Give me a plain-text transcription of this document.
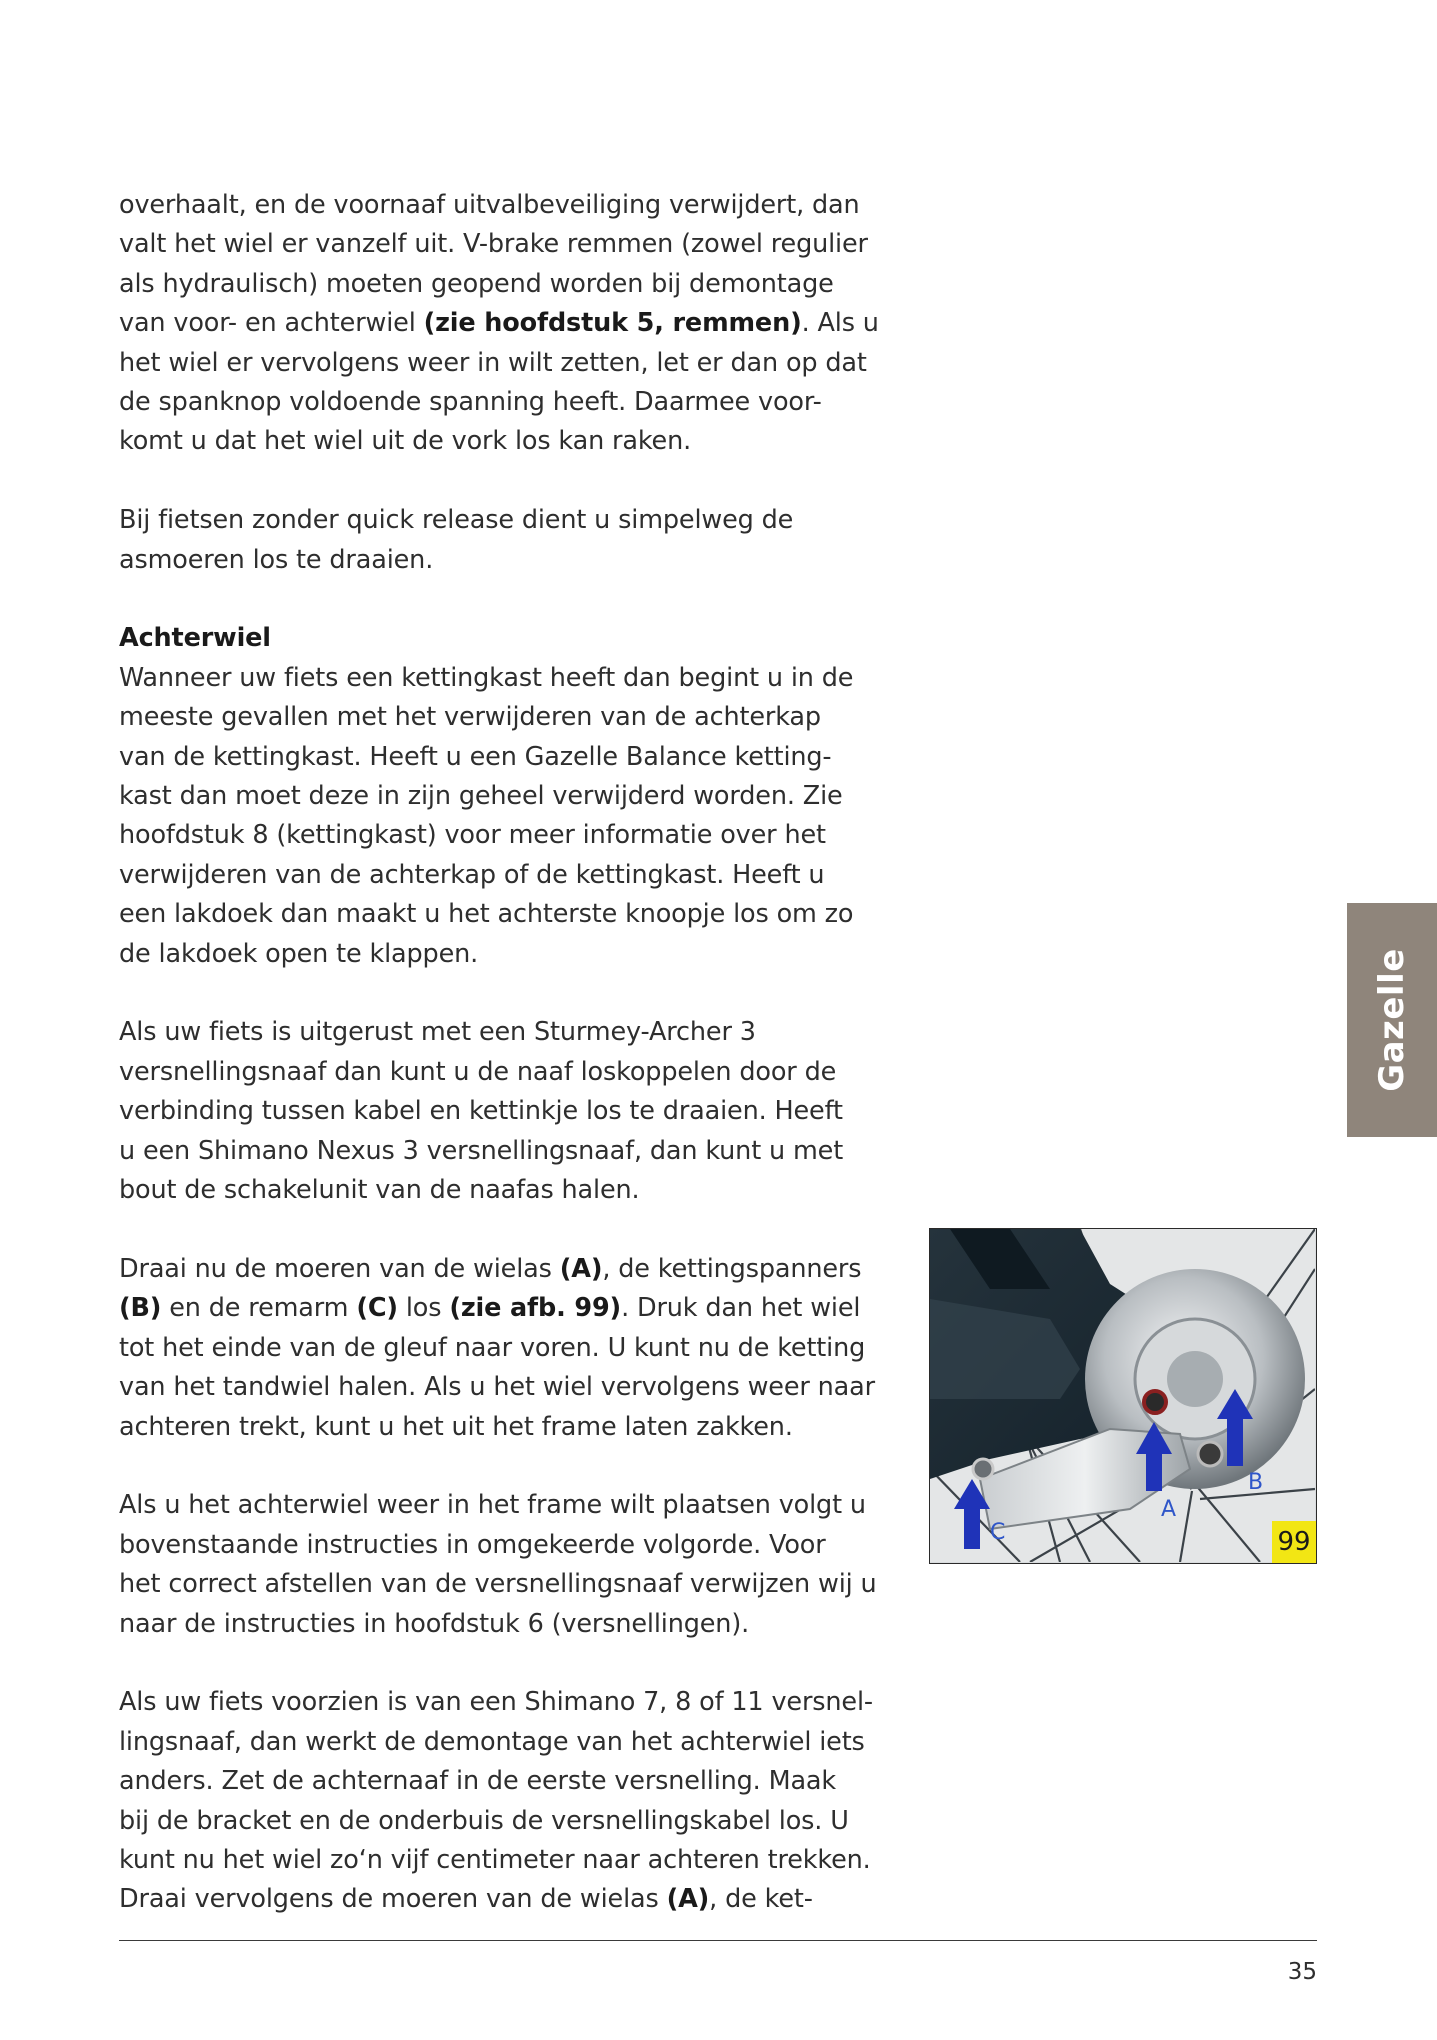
overhaalt, en de voornaaf uitvalbeveiliging verwijdert, dan
valt het wiel er vanzelf uit. V-brake remmen (zowel regulier
als hydraulisch) moeten geopend worden bij demontage
van voor- en achterwiel (zie hoofdstuk 5, remmen). Als u
het wiel er vervolgens weer in wilt zetten, let er dan op dat
de spanknop voldoende spanning heeft. Daarmee voor-
komt u dat het wiel uit de vork los kan raken.

Bij fietsen zonder quick release dient u simpelweg de
asmoeren los te draaien.

Achterwiel

Wanneer uw fiets een kettingkast heeft dan begint u in de
meeste gevallen met het verwijderen van de achterkap
van de kettingkast. Heeft u een Gazelle Balance ketting-
kast dan moet deze in zijn geheel verwijderd worden. Zie
hoofdstuk 8 (kettingkast) voor meer informatie over het
verwijderen van de achterkap of de kettingkast. Heeft u
een lakdoek dan maakt u het achterste knoopje los om zo
de lakdoek open te klappen.

Als uw fiets is uitgerust met een Sturmey-Archer 3
versnellingsnaaf dan kunt u de naaf loskoppelen door de
verbinding tussen kabel en kettinkje los te draaien. Heeft
u een Shimano Nexus 3 versnellingsnaaf, dan kunt u met
bout de schakelunit van de naafas halen.

Draai nu de moeren van de wielas (A), de kettingspanners
(B) en de remarm (C) los (zie afb. 99). Druk dan het wiel
tot het einde van de gleuf naar voren. U kunt nu de ketting
van het tandwiel halen. Als u het wiel vervolgens weer naar
achteren trekt, kunt u het uit het frame laten zakken.

Als u het achterwiel weer in het frame wilt plaatsen volgt u
bovenstaande instructies in omgekeerde volgorde. Voor
het correct afstellen van de versnellingsnaaf verwijzen wij u
naar de instructies in hoofdstuk 6 (versnellingen).

Als uw fiets voorzien is van een Shimano 7, 8 of 11 versnel-
lingsnaaf, dan werkt de demontage van het achterwiel iets
anders. Zet de achternaaf in de eerste versnelling. Maak
bij de bracket en de onderbuis de versnellingskabel los. U
kunt nu het wiel zo‘n vijf centimeter naar achteren trekken.
Draai vervolgens de moeren van de wielas (A), de ket-

Gazelle
C
A
B
99
35
